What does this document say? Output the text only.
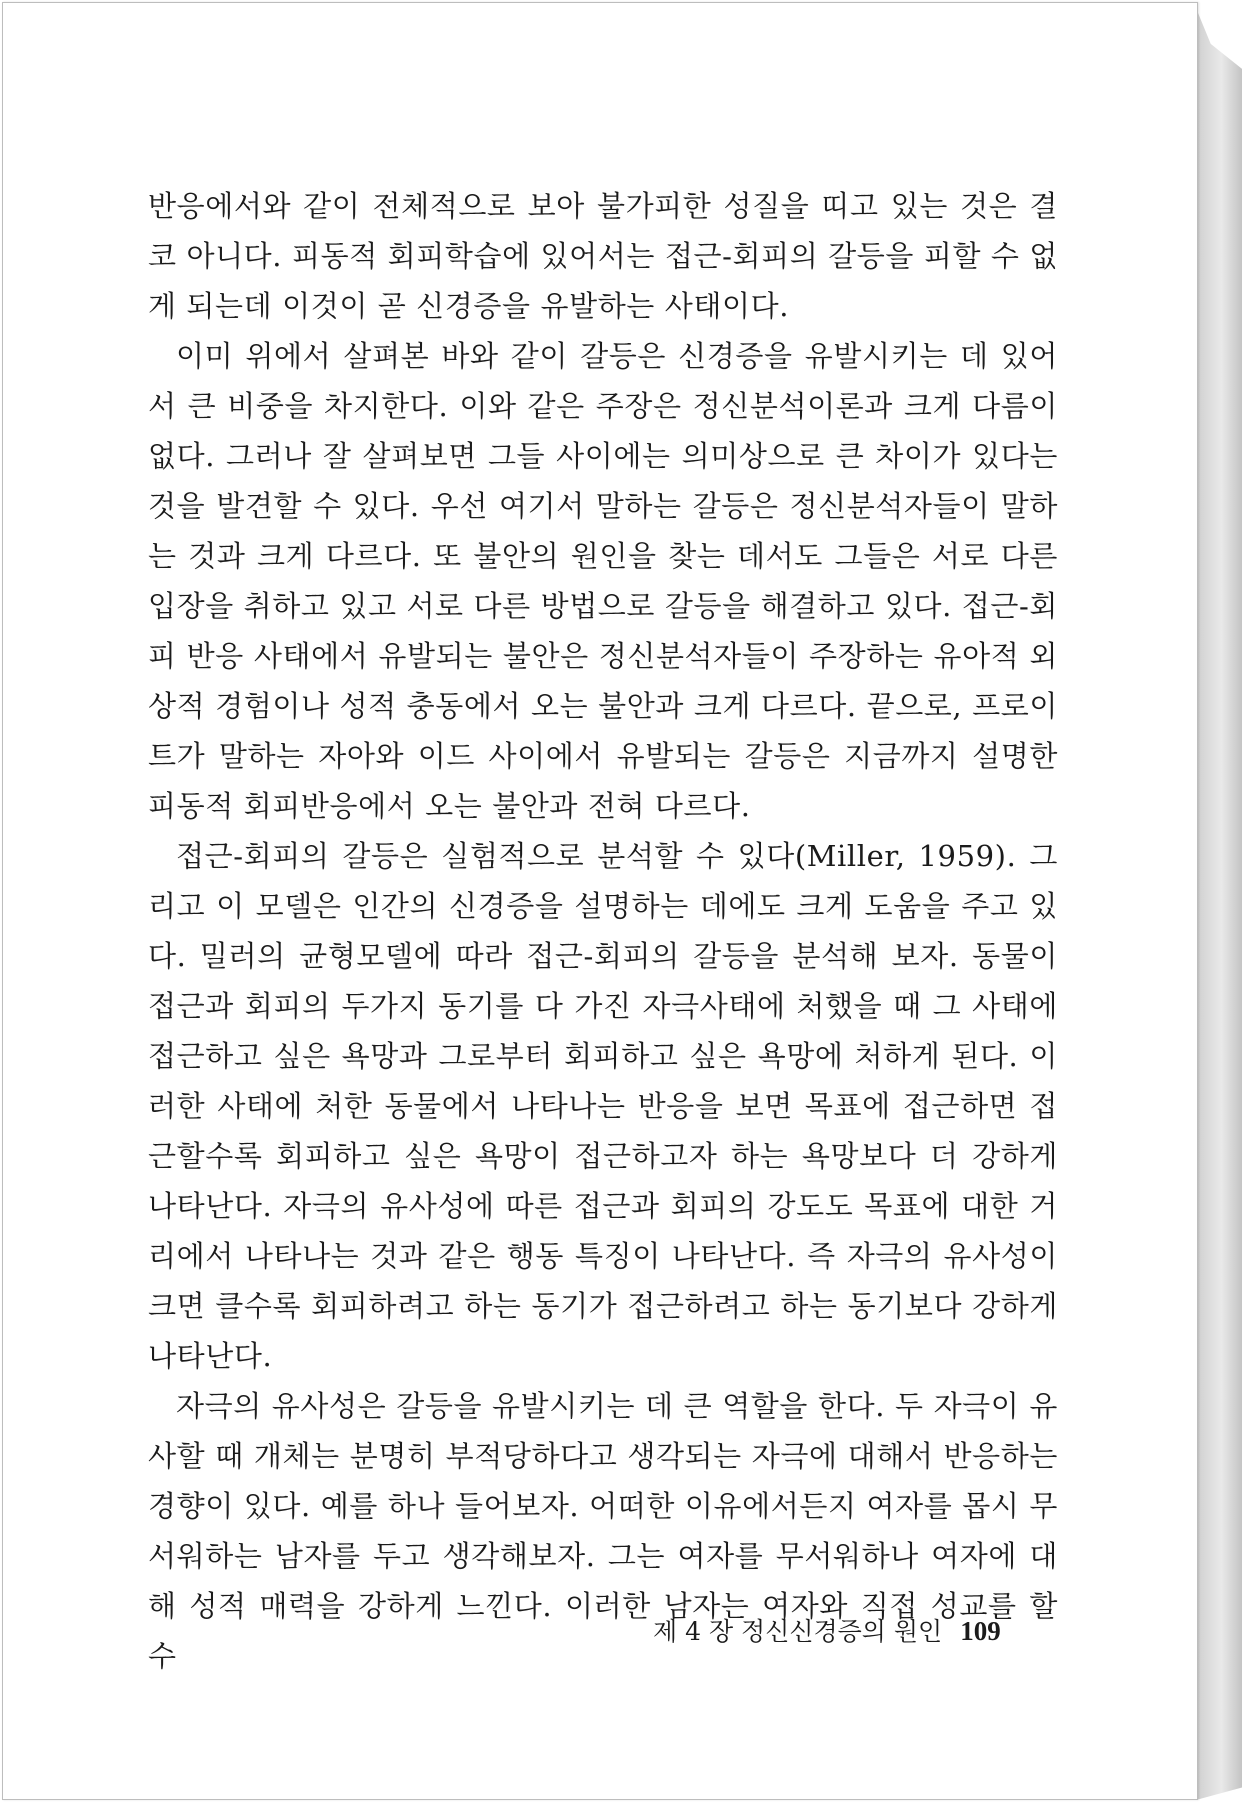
반응에서와 같이 전체적으로 보아 불가피한 성질을 띠고 있는 것은 결코 아니다. 피동적 회피학습에 있어서는 접근-회피의 갈등을 피할 수 없게 되는데 이것이 곧 신경증을 유발하는 사태이다.

이미 위에서 살펴본 바와 같이 갈등은 신경증을 유발시키는 데 있어서 큰 비중을 차지한다. 이와 같은 주장은 정신분석이론과 크게 다름이 없다. 그러나 잘 살펴보면 그들 사이에는 의미상으로 큰 차이가 있다는 것을 발견할 수 있다. 우선 여기서 말하는 갈등은 정신분석자들이 말하는 것과 크게 다르다. 또 불안의 원인을 찾는 데서도 그들은 서로 다른 입장을 취하고 있고 서로 다른 방법으로 갈등을 해결하고 있다. 접근-회피 반응 사태에서 유발되는 불안은 정신분석자들이 주장하는 유아적 외상적 경험이나 성적 충동에서 오는 불안과 크게 다르다. 끝으로, 프로이트가 말하는 자아와 이드 사이에서 유발되는 갈등은 지금까지 설명한 피동적 회피반응에서 오는 불안과 전혀 다르다.

접근-회피의 갈등은 실험적으로 분석할 수 있다(Miller, 1959). 그리고 이 모델은 인간의 신경증을 설명하는 데에도 크게 도움을 주고 있다. 밀러의 균형모델에 따라 접근-회피의 갈등을 분석해 보자. 동물이 접근과 회피의 두가지 동기를 다 가진 자극사태에 처했을 때 그 사태에 접근하고 싶은 욕망과 그로부터 회피하고 싶은 욕망에 처하게 된다. 이러한 사태에 처한 동물에서 나타나는 반응을 보면 목표에 접근하면 접근할수록 회피하고 싶은 욕망이 접근하고자 하는 욕망보다 더 강하게 나타난다. 자극의 유사성에 따른 접근과 회피의 강도도 목표에 대한 거리에서 나타나는 것과 같은 행동 특징이 나타난다. 즉 자극의 유사성이 크면 클수록 회피하려고 하는 동기가 접근하려고 하는 동기보다 강하게 나타난다.

자극의 유사성은 갈등을 유발시키는 데 큰 역할을 한다. 두 자극이 유사할 때 개체는 분명히 부적당하다고 생각되는 자극에 대해서 반응하는 경향이 있다. 예를 하나 들어보자. 어떠한 이유에서든지 여자를 몹시 무서워하는 남자를 두고 생각해보자. 그는 여자를 무서워하나 여자에 대해 성적 매력을 강하게 느낀다. 이러한 남자는 여자와 직접 성교를 할 수

제 4 장 정신신경증의 원인 109
